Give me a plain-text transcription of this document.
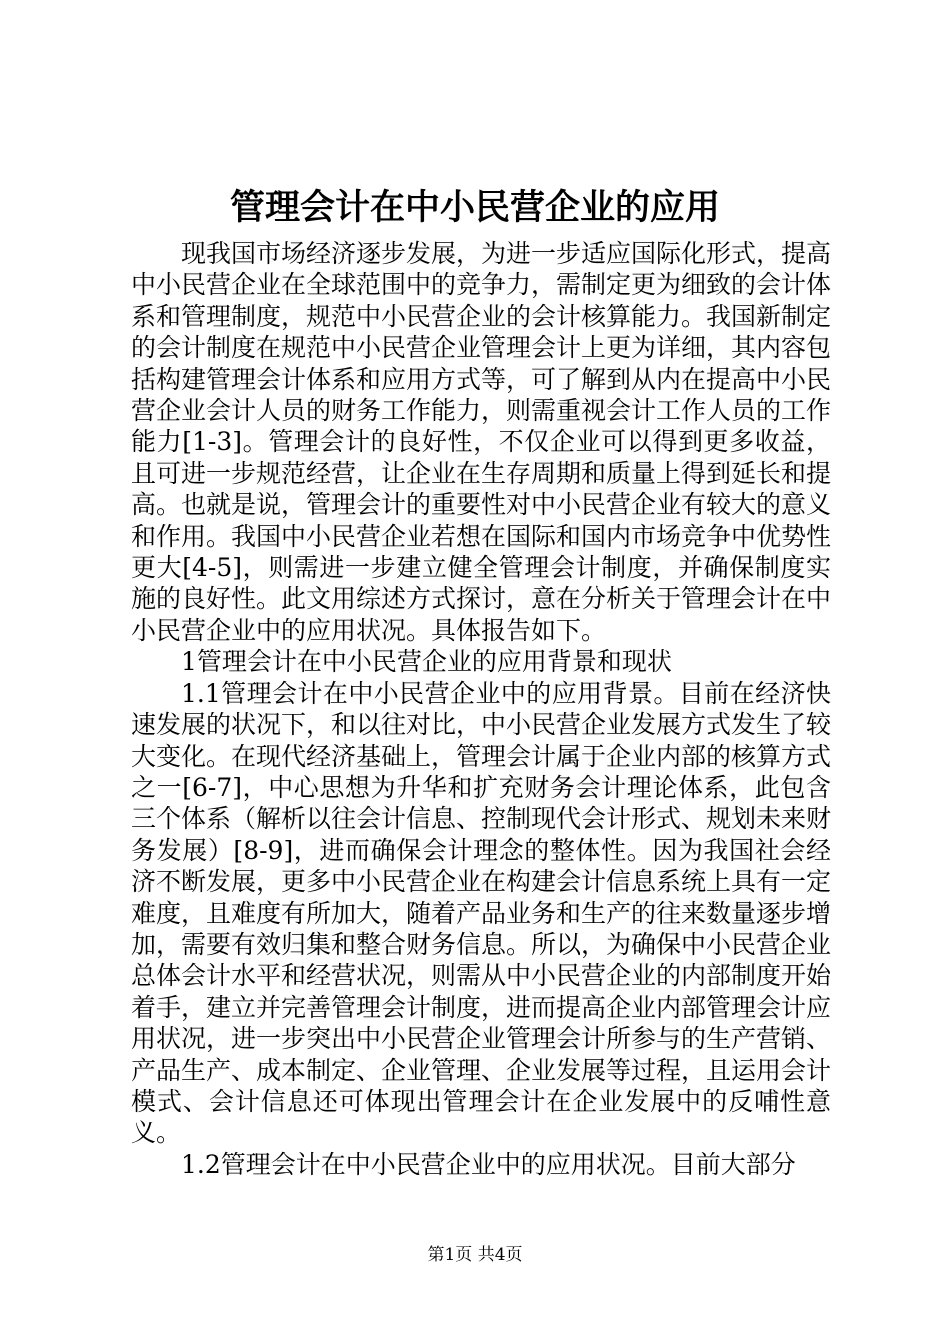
管理会计在中小民营企业的应用

现我国市场经济逐步发展，为进一步适应国际化形式，提高中小民营企业在全球范围中的竞争力，需制定更为细致的会计体系和管理制度，规范中小民营企业的会计核算能力。我国新制定的会计制度在规范中小民营企业管理会计上更为详细，其内容包括构建管理会计体系和应用方式等，可了解到从内在提高中小民营企业会计人员的财务工作能力，则需重视会计工作人员的工作能力[1-3]。管理会计的良好性，不仅企业可以得到更多收益，且可进一步规范经营，让企业在生存周期和质量上得到延长和提高。也就是说，管理会计的重要性对中小民营企业有较大的意义和作用。我国中小民营企业若想在国际和国内市场竞争中优势性更大[4-5]，则需进一步建立健全管理会计制度，并确保制度实施的良好性。此文用综述方式探讨，意在分析关于管理会计在中小民营企业中的应用状况。具体报告如下。

1管理会计在中小民营企业的应用背景和现状

1.1管理会计在中小民营企业中的应用背景。目前在经济快速发展的状况下，和以往对比，中小民营企业发展方式发生了较大变化。在现代经济基础上，管理会计属于企业内部的核算方式之一[6-7]，中心思想为升华和扩充财务会计理论体系，此包含三个体系（解析以往会计信息、控制现代会计形式、规划未来财务发展）[8-9]，进而确保会计理念的整体性。因为我国社会经济不断发展，更多中小民营企业在构建会计信息系统上具有一定难度，且难度有所加大，随着产品业务和生产的往来数量逐步增加，需要有效归集和整合财务信息。所以，为确保中小民营企业总体会计水平和经营状况，则需从中小民营企业的内部制度开始着手，建立并完善管理会计制度，进而提高企业内部管理会计应用状况，进一步突出中小民营企业管理会计所参与的生产营销、产品生产、成本制定、企业管理、企业发展等过程，且运用会计模式、会计信息还可体现出管理会计在企业发展中的反哺性意义。

1.2管理会计在中小民营企业中的应用状况。目前大部分

第1页 共4页
